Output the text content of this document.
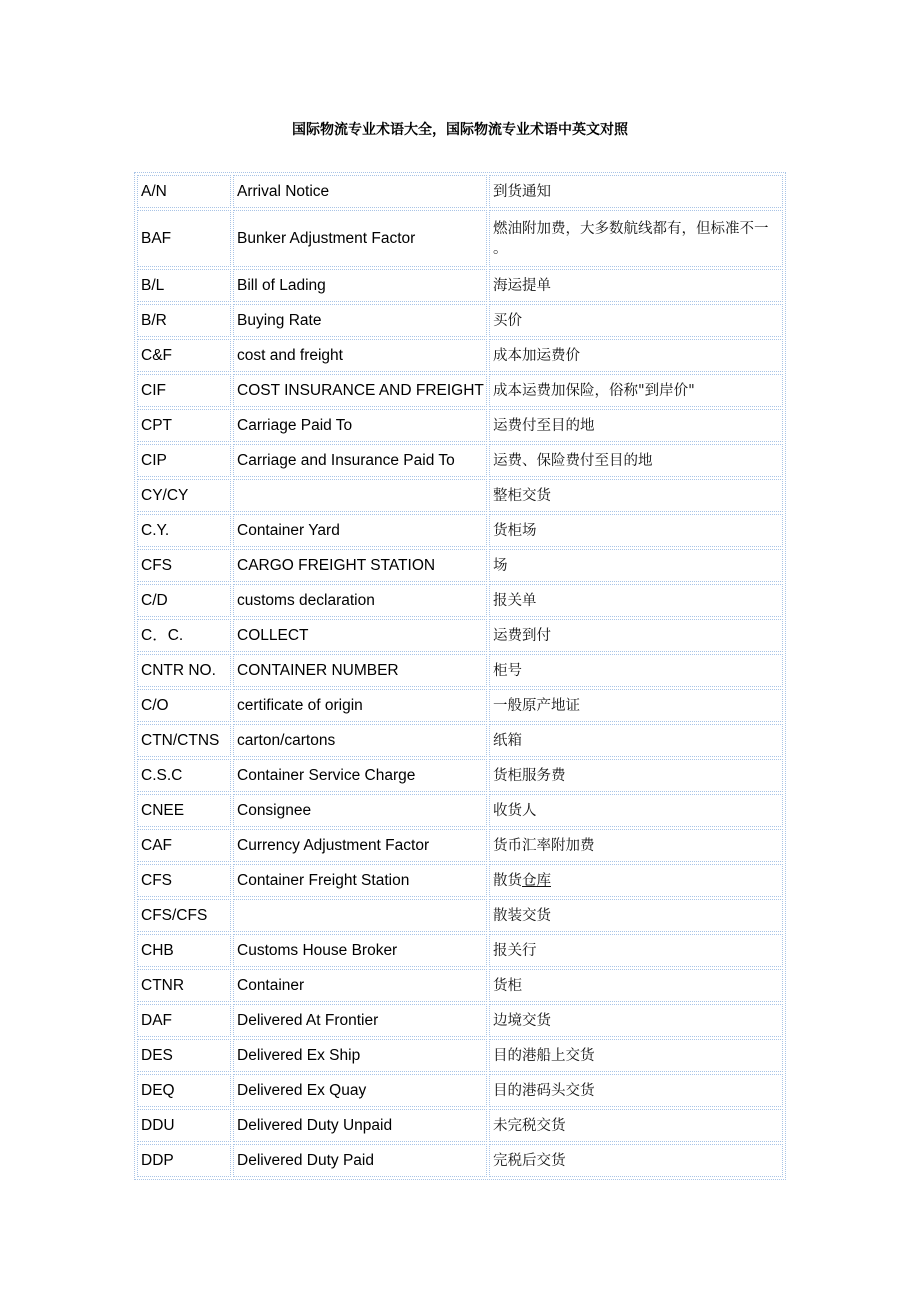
国际物流专业术语大全，国际物流专业术语中英文对照
A/N	Arrival Notice	到货通知
BAF	Bunker Adjustment Factor	燃油附加费，大多数航线都有，但标准不一 。
B/L	Bill of Lading	海运提单
B/R	Buying Rate	买价
C&F	cost and freight	成本加运费价
CIF	COST INSURANCE AND FREIGHT	成本运费加保险，俗称"到岸价"
CPT	Carriage Paid To	运费付至目的地
CIP	Carriage and Insurance Paid To	运费、保险费付至目的地
CY/CY		整柜交货
C.Y.	Container Yard	货柜场
CFS	CARGO FREIGHT STATION	场
C/D	customs declaration	报关单
C．C.	COLLECT	运费到付
CNTR NO.	CONTAINER NUMBER	柜号
C/O	certificate of origin	一般原产地证
CTN/CTNS	carton/cartons	纸箱
C.S.C	Container Service Charge	货柜服务费
CNEE	Consignee	收货人
CAF	Currency Adjustment Factor	货币汇率附加费
CFS	Container Freight Station	散货仓库
CFS/CFS		散装交货
CHB	Customs House Broker	报关行
CTNR	Container	货柜
DAF	Delivered At Frontier	边境交货
DES	Delivered Ex Ship	目的港船上交货
DEQ	Delivered Ex Quay	目的港码头交货
DDU	Delivered Duty Unpaid	未完税交货
DDP	Delivered Duty Paid	完税后交货
